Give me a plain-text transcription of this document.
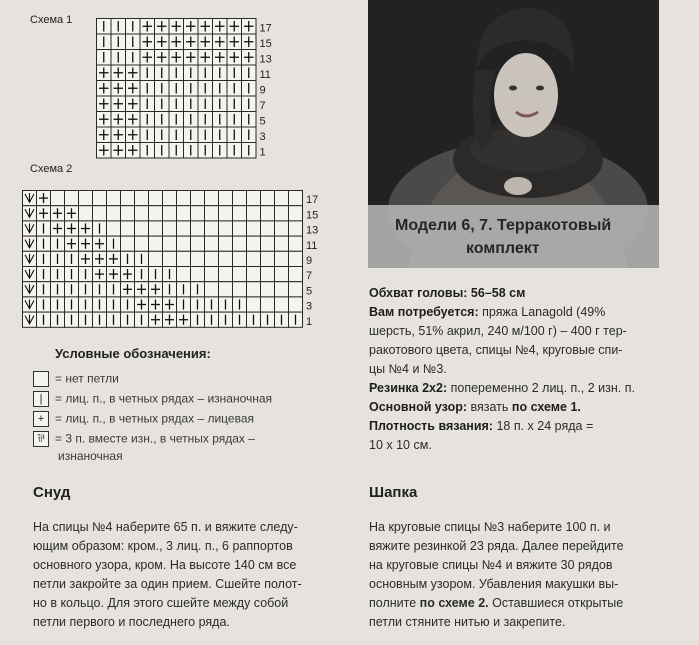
Схема 1
17
15
13
11
9
7
5
3
1
Схема 2
17
15
13
11
9
7
5
3
1
Условные обозначения:
= нет петли
| = лиц. п., в четных рядах – изнаночная
+ = лиц. п., в четных рядах – лицевая
⅌ = 3 п. вместе изн., в четных рядах –
изнаночная
Снуд
На спицы №4 наберите 65 п. и вяжите следу-
ющим образом: кром., 3 лиц. п., 6 раппортов
основного узора, кром. На высоте 140 см все
петли закройте за один прием. Сшейте полот-
но в кольцо. Для этого сшейте между собой
петли первого и последнего ряда.
Модели 6, 7. Терракотовый
комплект
Обхват головы: 56–58 см
Вам потребуется: пряжа Lanagold (49%
шерсть, 51% акрил, 240 м/100 г) – 400 г тер-
ракотового цвета, спицы №4, круговые спи-
цы №4 и №3.
Резинка 2х2: попеременно 2 лиц. п., 2 изн. п.
Основной узор: вязать по схеме 1.
Плотность вязания: 18 п. х 24 ряда =
10 х 10 см.
Шапка
На круговые спицы №3 наберите 100 п. и
вяжите резинкой 23 ряда. Далее перейдите
на круговые спицы №4 и вяжите 30 рядов
основным узором. Убавления макушки вы-
полните по схеме 2. Оставшиеся открытые
петли стяните нитью и закрепите.
